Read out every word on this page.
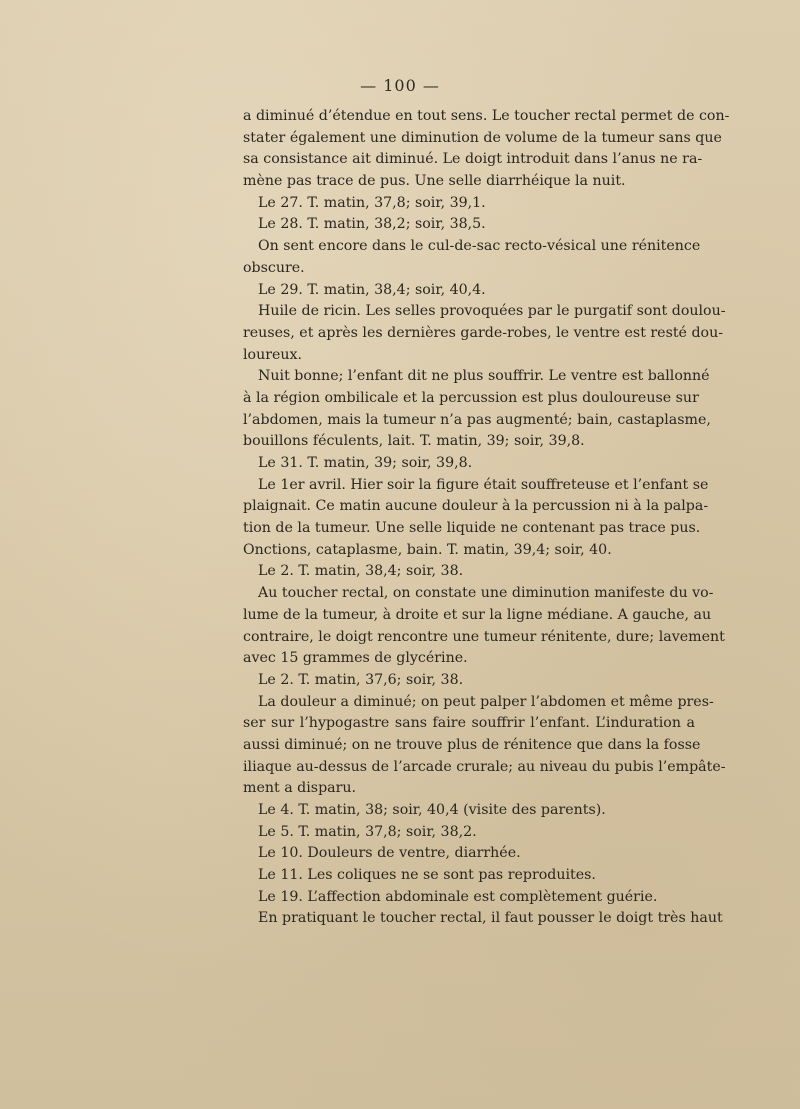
— 100 —
a diminué d’étendue en tout sens. Le toucher rectal permet de con-
stater également une diminution de volume de la tumeur sans que
sa consistance ait diminué. Le doigt introduit dans l’anus ne ra-
mène pas trace de pus. Une selle diarrhéique la nuit.
Le 27. T. matin, 37,8; soir, 39,1.
Le 28. T. matin, 38,2; soir, 38,5.
On sent encore dans le cul-de-sac recto-vésical une rénitence
obscure.
Le 29. T. matin, 38,4; soir, 40,4.
Huile de ricin. Les selles provoquées par le purgatif sont doulou-
reuses, et après les dernières garde-robes, le ventre est resté dou-
loureux.
Nuit bonne; l’enfant dit ne plus souffrir. Le ventre est ballonné
à la région ombilicale et la percussion est plus douloureuse sur
l’abdomen, mais la tumeur n’a pas augmenté; bain, castaplasme,
bouillons féculents, lait. T. matin, 39; soir, 39,8.
Le 31. T. matin, 39; soir, 39,8.
Le 1er avril. Hier soir la figure était souffreteuse et l’enfant se
plaignait. Ce matin aucune douleur à la percussion ni à la palpa-
tion de la tumeur. Une selle liquide ne contenant pas trace pus.
Onctions, cataplasme, bain. T. matin, 39,4; soir, 40.
Le 2. T. matin, 38,4; soir, 38.
Au toucher rectal, on constate une diminution manifeste du vo-
lume de la tumeur, à droite et sur la ligne médiane. A gauche, au
contraire, le doigt rencontre une tumeur rénitente, dure; lavement
avec 15 grammes de glycérine.
Le 2. T. matin, 37,6; soir, 38.
La douleur a diminué; on peut palper l’abdomen et même pres-
ser sur l’hypogastre sans faire souffrir l’enfant. L’induration a
aussi diminué; on ne trouve plus de rénitence que dans la fosse
iliaque au-dessus de l’arcade crurale; au niveau du pubis l’empâte-
ment a disparu.
Le 4. T. matin, 38; soir, 40,4 (visite des parents).
Le 5. T. matin, 37,8; soir, 38,2.
Le 10. Douleurs de ventre, diarrhée.
Le 11. Les coliques ne se sont pas reproduites.
Le 19. L’affection abdominale est complètement guérie.
En pratiquant le toucher rectal, il faut pousser le doigt très haut
